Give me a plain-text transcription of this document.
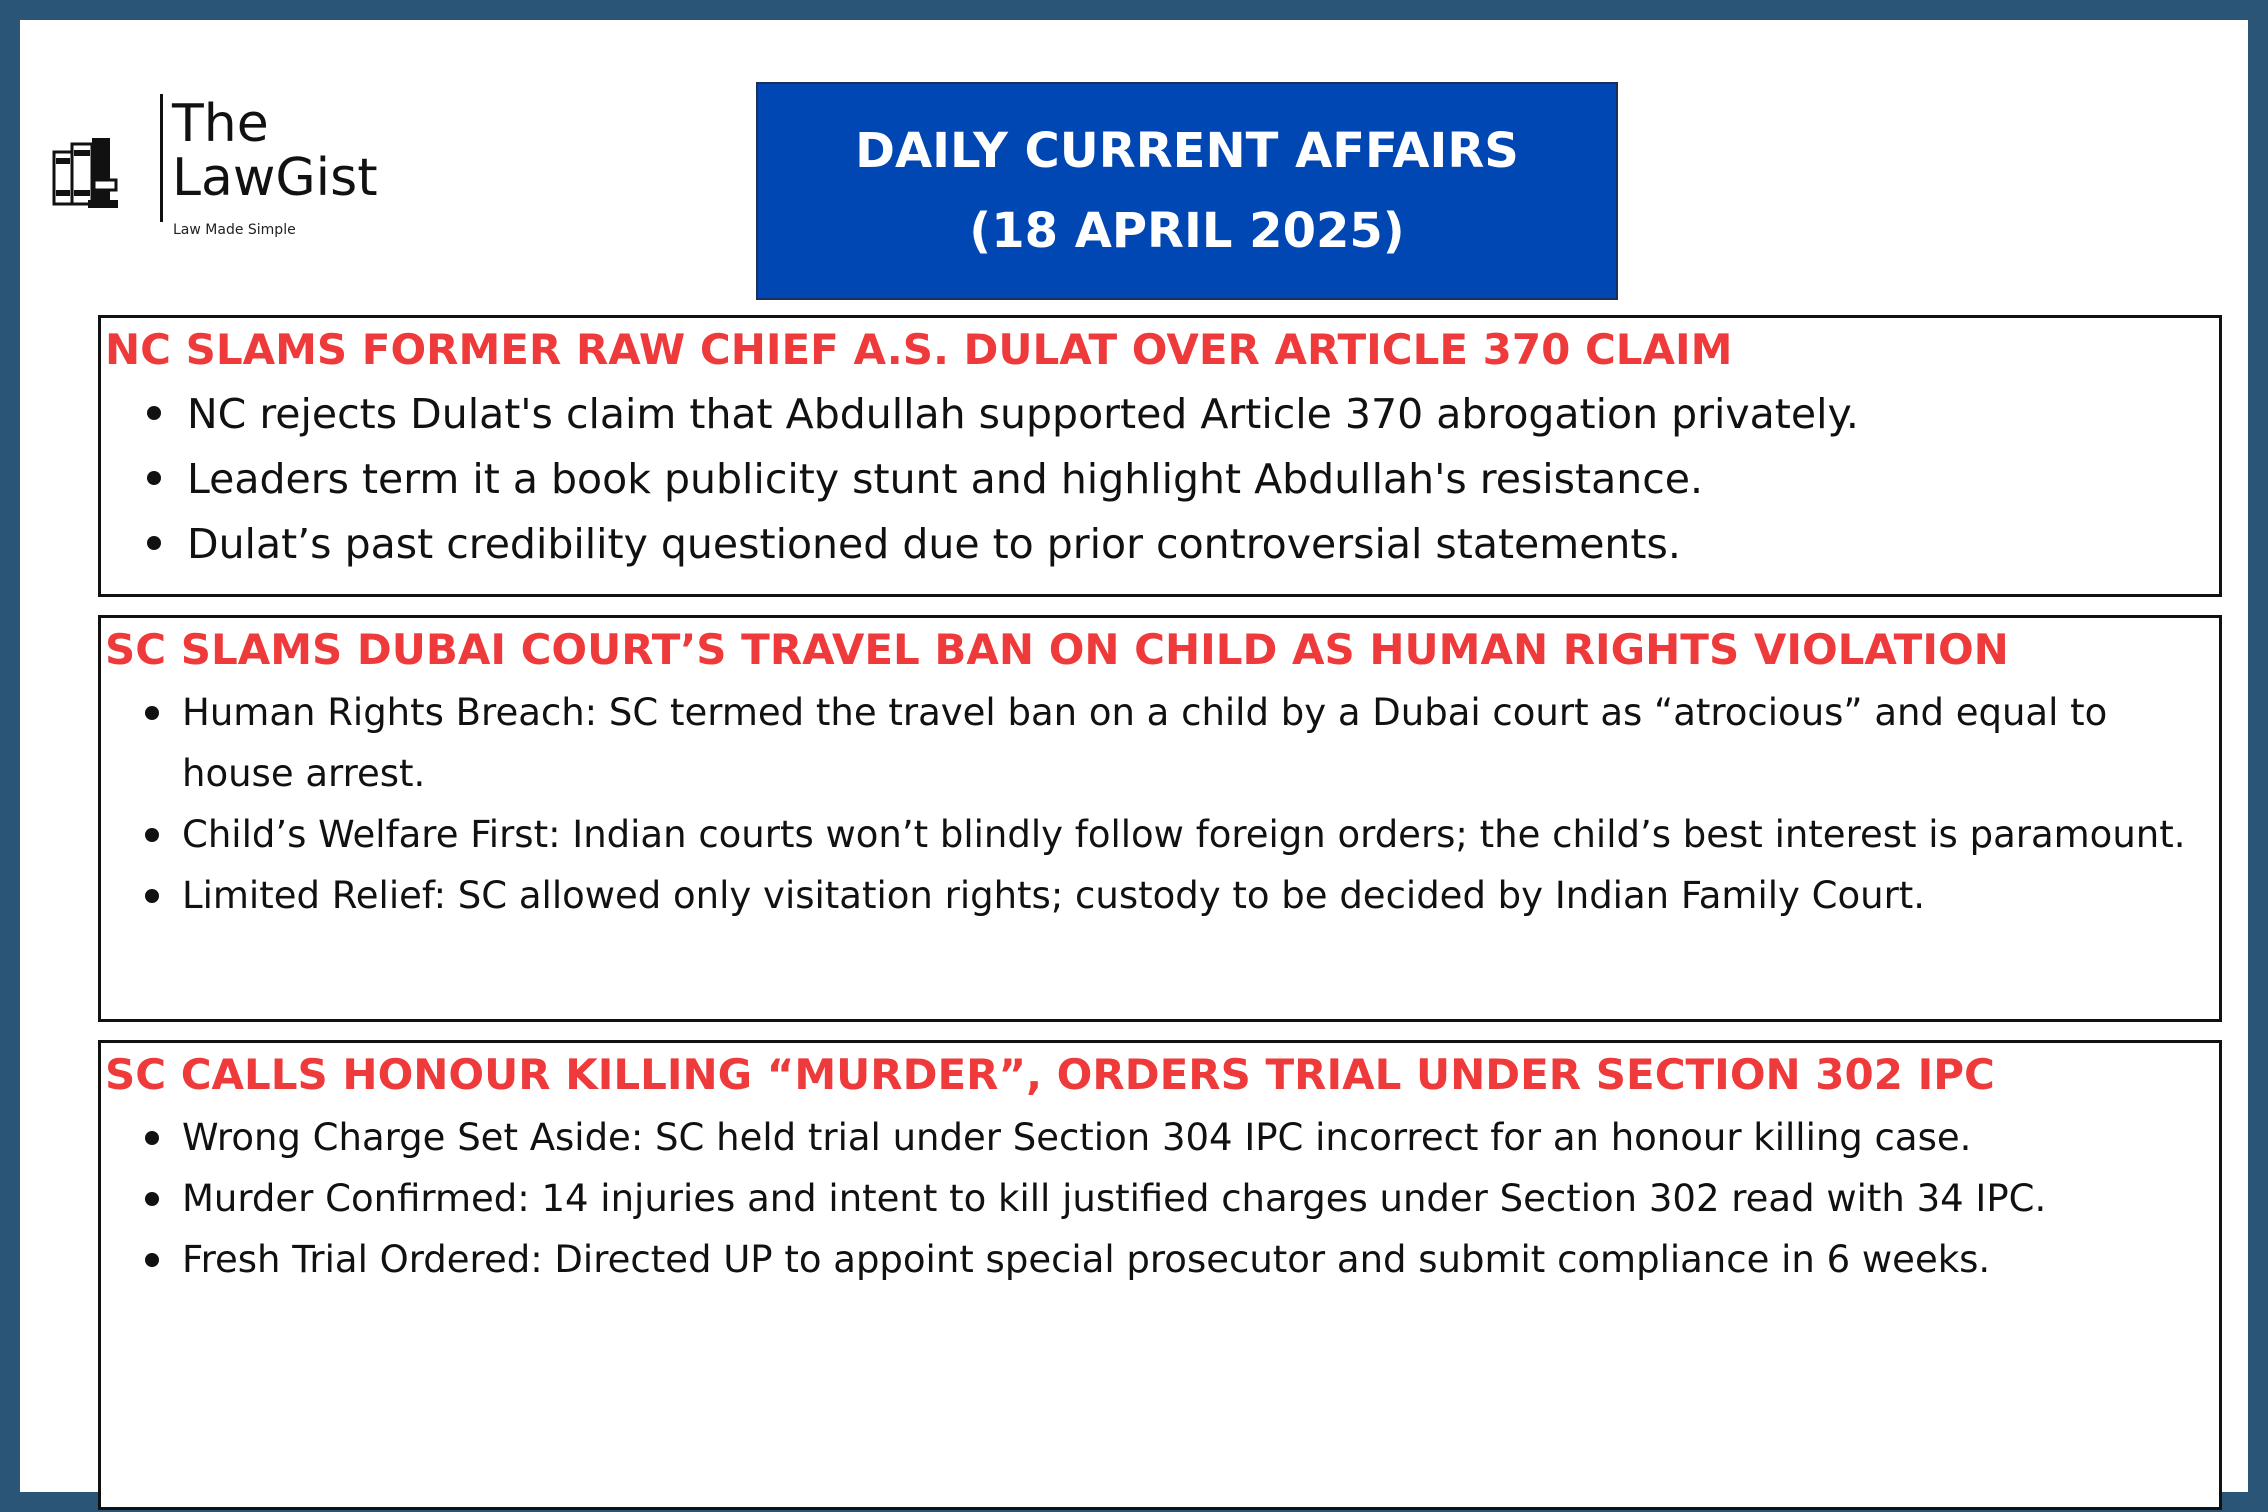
The
LawGist
Law Made Simple
DAILY CURRENT AFFAIRS
(18 APRIL 2025)
NC SLAMS FORMER RAW CHIEF A.S. DULAT OVER ARTICLE 370 CLAIM
NC rejects Dulat's claim that Abdullah supported Article 370 abrogation privately.
Leaders term it a book publicity stunt and highlight Abdullah's resistance.
Dulat’s past credibility questioned due to prior controversial statements.
SC SLAMS DUBAI COURT’S TRAVEL BAN ON CHILD AS HUMAN RIGHTS VIOLATION
Human Rights Breach: SC termed the travel ban on a child by a Dubai court as “atrocious” and equal to house arrest.
Child’s Welfare First: Indian courts won’t blindly follow foreign orders; the child’s best interest is paramount.
Limited Relief: SC allowed only visitation rights; custody to be decided by Indian Family Court.
SC CALLS HONOUR KILLING “MURDER”, ORDERS TRIAL UNDER SECTION 302 IPC
Wrong Charge Set Aside: SC held trial under Section 304 IPC incorrect for an honour killing case.
Murder Confirmed: 14 injuries and intent to kill justified charges under Section 302 read with 34 IPC.
Fresh Trial Ordered: Directed UP to appoint special prosecutor and submit compliance in 6 weeks.
